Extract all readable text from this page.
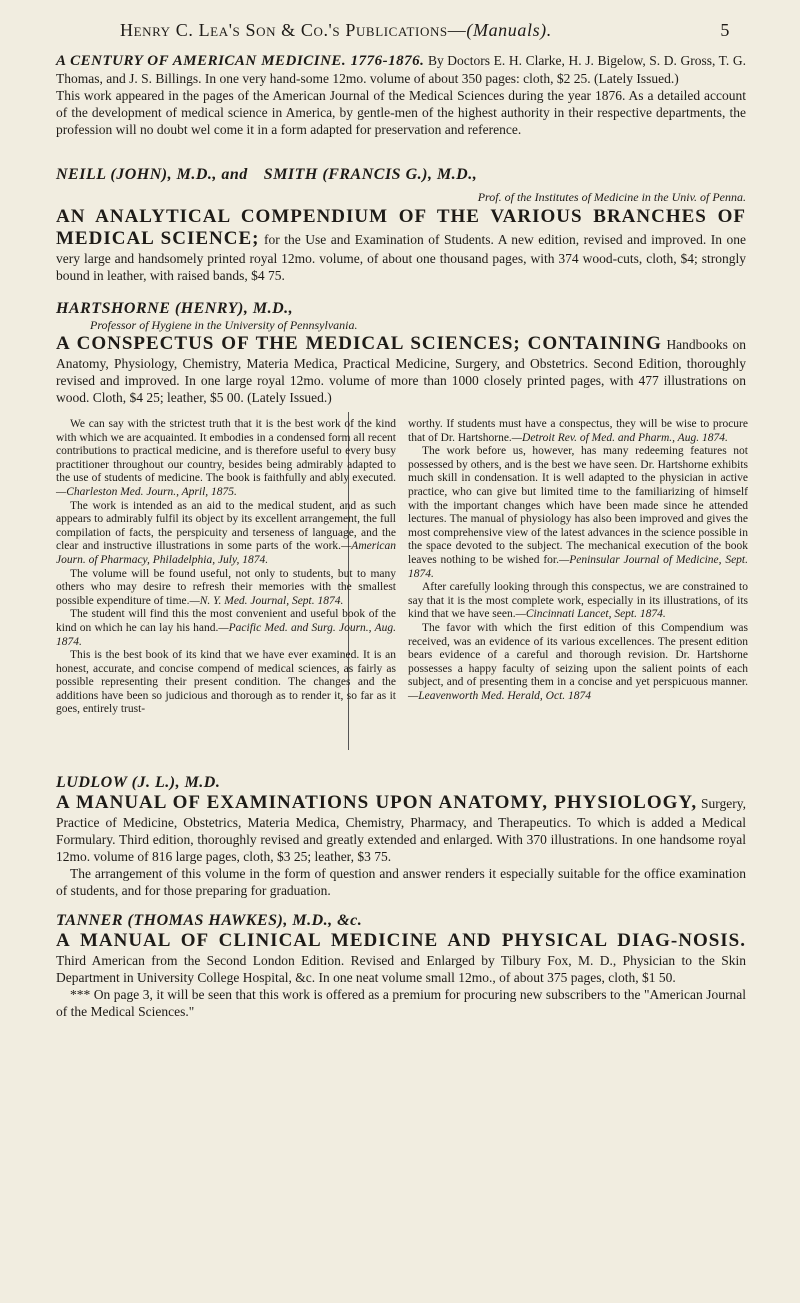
Henry C. Lea's Son & Co.'s Publications—(Manuals).	5
A CENTURY OF AMERICAN MEDICINE. 1776-1876. By Doctors E. H. Clarke, H. J. Bigelow, S. D. Gross, T. G. Thomas, and J. S. Billings. In one very hand-some 12mo. volume of about 350 pages: cloth, $2 25. (Lately Issued.)
This work appeared in the pages of the American Journal of the Medical Sciences during the year 1876. As a detailed account of the development of medical science in America, by gentle-men of the highest authority in their respective departments, the profession will no doubt wel come it in a form adapted for preservation and reference.
NEILL (JOHN), M.D., and SMITH (FRANCIS G.), M.D.,
Prof. of the Institutes of Medicine in the Univ. of Penna.
AN ANALYTICAL COMPENDIUM OF THE VARIOUS BRANCHES OF MEDICAL SCIENCE; for the Use and Examination of Students. A new edition, revised and improved. In one very large and handsomely printed royal 12mo. volume, of about one thousand pages, with 374 wood-cuts, cloth, $4; strongly bound in leather, with raised bands, $4 75.
HARTSHORNE (HENRY), M.D.,
Professor of Hygiene in the University of Pennsylvania.
A CONSPECTUS OF THE MEDICAL SCIENCES; CONTAINING Handbooks on Anatomy, Physiology, Chemistry, Materia Medica, Practical Medicine, Surgery, and Obstetrics. Second Edition, thoroughly revised and improved. In one large royal 12mo. volume of more than 1000 closely printed pages, with 477 illustrations on wood. Cloth, $4 25; leather, $5 00. (Lately Issued.)

We can say with the strictest truth that it is the best work of the kind with which we are acquainted. It embodies in a condensed form all recent contributions to practical medicine, and is therefore useful to every busy practitioner throughout our country, besides being admirably adapted to the use of students of medicine. The book is faithfully and ably executed.—Charleston Med. Journ., April, 1875.

The work is intended as an aid to the medical student, and as such appears to admirably fulfil its object by its excellent arrangement, the full compilation of facts, the perspicuity and terseness of language, and the clear and instructive illustrations in some parts of the work.—American Journ. of Pharmacy, Philadelphia, July, 1874.

The volume will be found useful, not only to students, but to many others who may desire to refresh their memories with the smallest possible expenditure of time.—N. Y. Med. Journal, Sept. 1874.

The student will find this the most convenient and useful book of the kind on which he can lay his hand.—Pacific Med. and Surg. Journ., Aug. 1874.

This is the best book of its kind that we have ever examined. It is an honest, accurate, and concise compend of medical sciences, as fairly as possible representing their present condition. The changes and the additions have been so judicious and thorough as to render it, so far as it goes, entirely trust-

worthy. If students must have a conspectus, they will be wise to procure that of Dr. Hartshorne.—Detroit Rev. of Med. and Pharm., Aug. 1874.

The work before us, however, has many redeeming features not possessed by others, and is the best we have seen. Dr. Hartshorne exhibits much skill in condensation. It is well adapted to the physician in active practice, who can give but limited time to the familiarizing of himself with the important changes which have been made since he attended lectures. The manual of physiology has also been improved and gives the most comprehensive view of the latest advances in the science possible in the space devoted to the subject. The mechanical execution of the book leaves nothing to be wished for.—Peninsular Journal of Medicine, Sept. 1874.

After carefully looking through this conspectus, we are constrained to say that it is the most complete work, especially in its illustrations, of its kind that we have seen.—Cincinnati Lancet, Sept. 1874.

The favor with which the first edition of this Compendium was received, was an evidence of its various excellences. The present edition bears evidence of a careful and thorough revision. Dr. Hartshorne possesses a happy faculty of seizing upon the salient points of each subject, and of presenting them in a concise and yet perspicuous manner.—Leavenworth Med. Herald, Oct. 1874

LUDLOW (J. L.), M.D.
A MANUAL OF EXAMINATIONS UPON ANATOMY, PHYSIOLOGY, Surgery, Practice of Medicine, Obstetrics, Materia Medica, Chemistry, Pharmacy, and Therapeutics. To which is added a Medical Formulary. Third edition, thoroughly revised and greatly extended and enlarged. With 370 illustrations. In one handsome royal 12mo. volume of 816 large pages, cloth, $3 25; leather, $3 75.
The arrangement of this volume in the form of question and answer renders it especially suitable for the office examination of students, and for those preparing for graduation.
TANNER (THOMAS HAWKES), M.D., &c.
A MANUAL OF CLINICAL MEDICINE AND PHYSICAL DIAG-NOSIS. Third American from the Second London Edition. Revised and Enlarged by Tilbury Fox, M. D., Physician to the Skin Department in University College Hospital, &c. In one neat volume small 12mo., of about 375 pages, cloth, $1 50.
*** On page 3, it will be seen that this work is offered as a premium for procuring new subscribers to the "American Journal of the Medical Sciences."
